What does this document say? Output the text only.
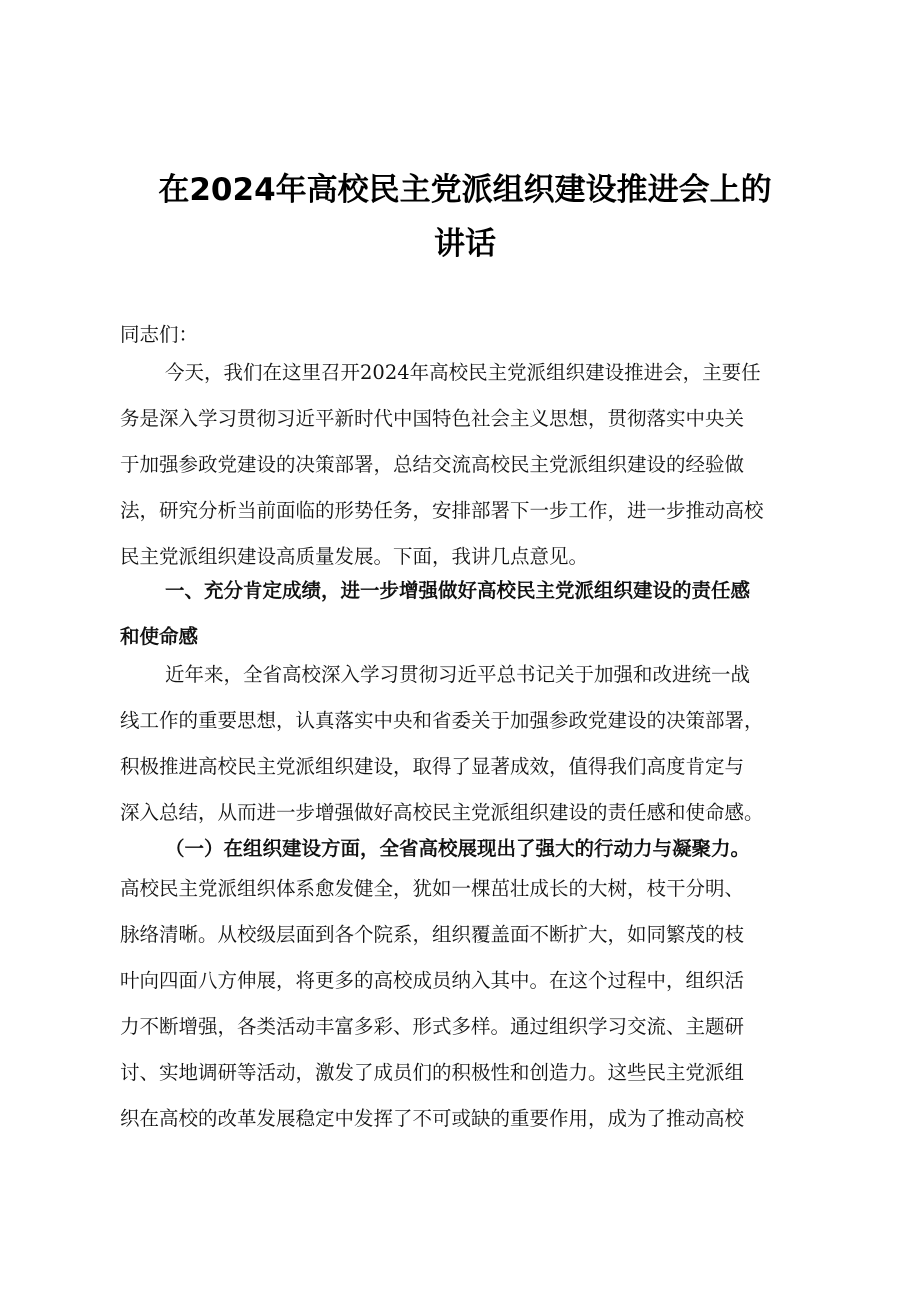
在2024年高校民主党派组织建设推进会上的
讲话
同志们：
今天，我们在这里召开2024年高校民主党派组织建设推进会，主要任
务是深入学习贯彻习近平新时代中国特色社会主义思想，贯彻落实中央关
于加强参政党建设的决策部署，总结交流高校民主党派组织建设的经验做
法，研究分析当前面临的形势任务，安排部署下一步工作，进一步推动高校
民主党派组织建设高质量发展。下面，我讲几点意见。
一、充分肯定成绩，进一步增强做好高校民主党派组织建设的责任感
和使命感
近年来，全省高校深入学习贯彻习近平总书记关于加强和改进统一战
线工作的重要思想，认真落实中央和省委关于加强参政党建设的决策部署，
积极推进高校民主党派组织建设，取得了显著成效，值得我们高度肯定与
深入总结，从而进一步增强做好高校民主党派组织建设的责任感和使命感。
（一）在组织建设方面，全省高校展现出了强大的行动力与凝聚力。
高校民主党派组织体系愈发健全，犹如一棵茁壮成长的大树，枝干分明、
脉络清晰。从校级层面到各个院系，组织覆盖面不断扩大，如同繁茂的枝
叶向四面八方伸展，将更多的高校成员纳入其中。在这个过程中，组织活
力不断增强，各类活动丰富多彩、形式多样。通过组织学习交流、主题研
讨、实地调研等活动，激发了成员们的积极性和创造力。这些民主党派组
织在高校的改革发展稳定中发挥了不可或缺的重要作用，成为了推动高校
